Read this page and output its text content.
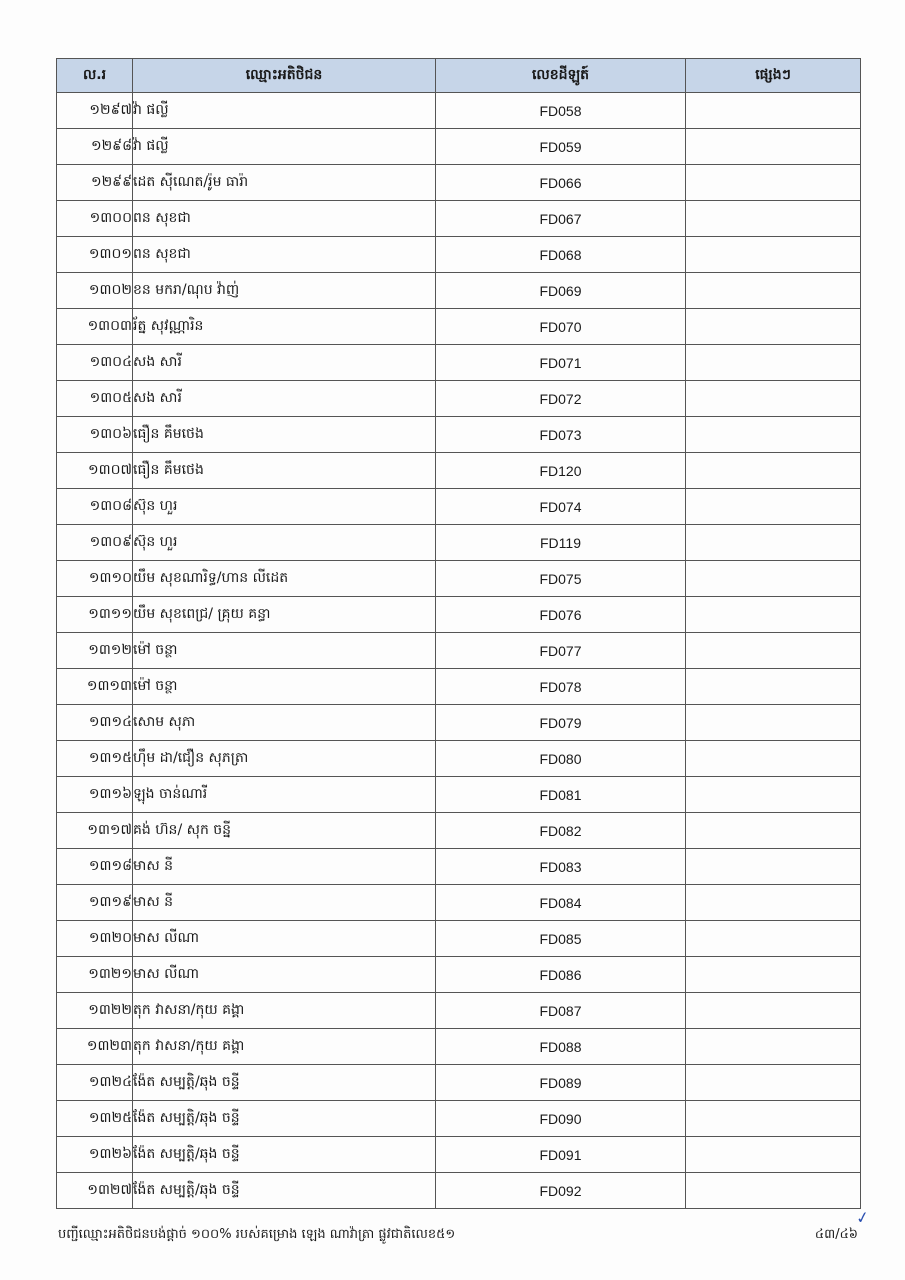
ល.រ	ឈ្មោះអតិថិជន	លេខដីឡូត៍	ផ្សេងៗ
១២៩៧	វ៉ា ផល្លី	FD058	
១២៩៨	វ៉ា ផល្លី	FD059	
១២៩៩	ដេត ស៊ីណេត/រ៉ូម ធារ៉ា	FD066	
១៣០០	ពន សុខជា	FD067	
១៣០១	ពន សុខជា	FD068	
១៣០២	ខន មករា/ណុប វ៉ាញ់	FD069	
១៣០៣	រ័ត្ន សុវណ្ណារិន	FD070	
១៣០៤	សង សារី	FD071	
១៣០៥	សង សារី	FD072	
១៣០៦	ធឿន គឹមថេង	FD073	
១៣០៧	ធឿន គឹមថេង	FD120	
១៣០៨	ស៊ុន ហួរ	FD074	
១៣០៩	ស៊ុន ហួរ	FD119	
១៣១០	យឹម សុខណារិទ្ធ/ហាន លីដេត	FD075	
១៣១១	យឹម សុខពេជ្រ/ គ្រុយ គន្ធា	FD076	
១៣១២	ម៉ៅ ចន្ថា	FD077	
១៣១៣	ម៉ៅ ចន្ថា	FD078	
១៣១៤	សោម សុភា	FD079	
១៣១៥	ហ៊ឹម ដា/ជឿន សុភត្រា	FD080	
១៣១៦	ឡុង ចាន់ណារី	FD081	
១៣១៧	គង់ ហ៊ន/ សុក ចន្នី	FD082	
១៣១៨	មាស នី	FD083	
១៣១៩	មាស នី	FD084	
១៣២០	មាស លីណា	FD085	
១៣២១	មាស លីណា	FD086	
១៣២២	តុក វាសនា/កុយ គង្គា	FD087	
១៣២៣	តុក វាសនា/កុយ គង្គា	FD088	
១៣២៤	ង៉ែត សម្បត្តិ/ឆុង ចន្ទី	FD089	
១៣២៥	ង៉ែត សម្បត្តិ/ឆុង ចន្ទី	FD090	
១៣២៦	ង៉ែត សម្បត្តិ/ឆុង ចន្ទី	FD091	
១៣២៧	ង៉ែត សម្បត្តិ/ឆុង ចន្ទី	FD092	
បញ្ជីឈ្មោះអតិថិជនបង់ផ្តាច់ ១០០% របស់គម្រោង ឡេង ណាវ៉ាត្រា ផ្លូវជាតិលេខ៥១	៤៣/៤៦
✓
